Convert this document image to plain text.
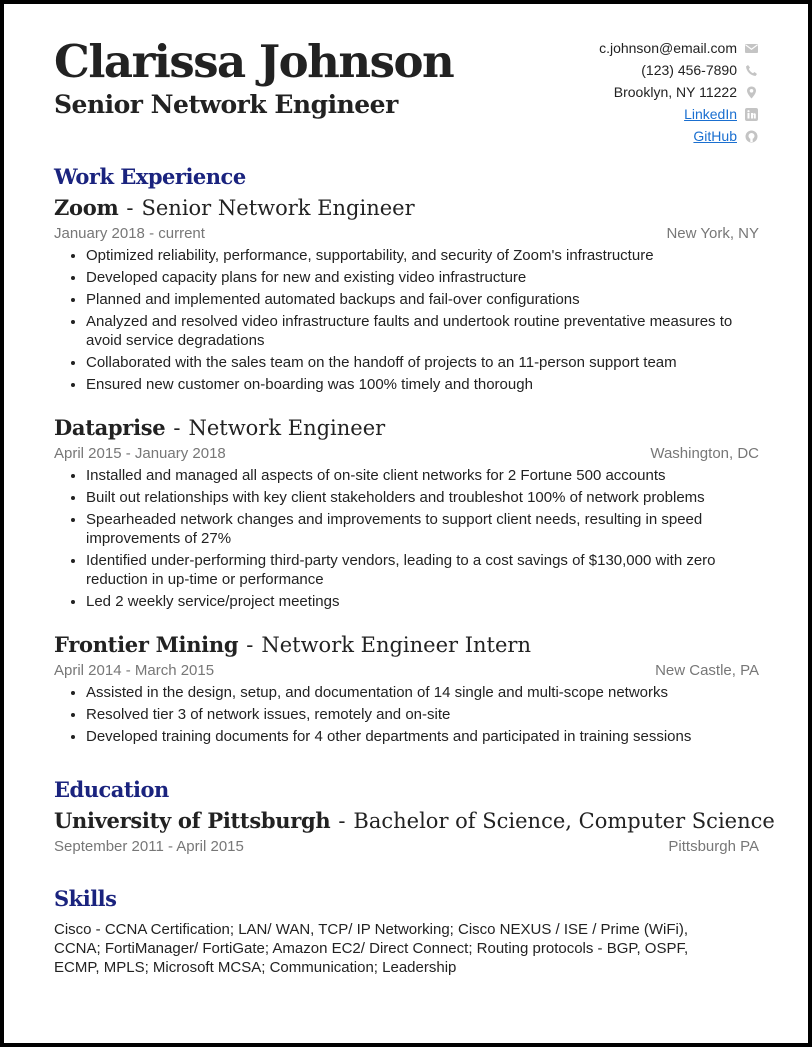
Clarissa Johnson
Senior Network Engineer
c.johnson@email.com
(123) 456-7890
Brooklyn, NY 11222
LinkedIn
GitHub
Work Experience
Zoom - Senior Network Engineer
January 2018 - current	New York, NY
• Optimized reliability, performance, supportability, and security of Zoom's infrastructure
• Developed capacity plans for new and existing video infrastructure
• Planned and implemented automated backups and fail-over configurations
• Analyzed and resolved video infrastructure faults and undertook routine preventative measures to avoid service degradations
• Collaborated with the sales team on the handoff of projects to an 11-person support team
• Ensured new customer on-boarding was 100% timely and thorough
Dataprise - Network Engineer
April 2015 - January 2018	Washington, DC
• Installed and managed all aspects of on-site client networks for 2 Fortune 500 accounts
• Built out relationships with key client stakeholders and troubleshot 100% of network problems
• Spearheaded network changes and improvements to support client needs, resulting in speed improvements of 27%
• Identified under-performing third-party vendors, leading to a cost savings of $130,000 with zero reduction in up-time or performance
• Led 2 weekly service/project meetings
Frontier Mining - Network Engineer Intern
April 2014 - March 2015	New Castle, PA
• Assisted in the design, setup, and documentation of 14 single and multi-scope networks
• Resolved tier 3 of network issues, remotely and on-site
• Developed training documents for 4 other departments and participated in training sessions
Education
University of Pittsburgh - Bachelor of Science, Computer Science
September 2011 - April 2015	Pittsburgh PA
Skills
Cisco - CCNA Certification; LAN/ WAN, TCP/ IP Networking; Cisco NEXUS / ISE / Prime (WiFi), CCNA; FortiManager/ FortiGate; Amazon EC2/ Direct Connect; Routing protocols - BGP, OSPF, ECMP, MPLS; Microsoft MCSA; Communication; Leadership
